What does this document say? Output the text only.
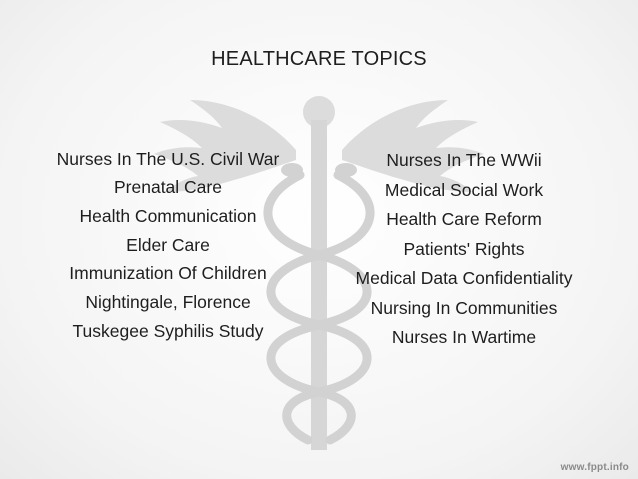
HEALTHCARE TOPICS
Nurses In The U.S. Civil War
Prenatal Care
Health Communication
Elder Care
Immunization Of Children
Nightingale, Florence
Tuskegee Syphilis Study
Nurses In The WWii
Medical Social Work
Health Care Reform
Patients' Rights
Medical Data Confidentiality
Nursing In Communities
Nurses In Wartime
www.fppt.info
